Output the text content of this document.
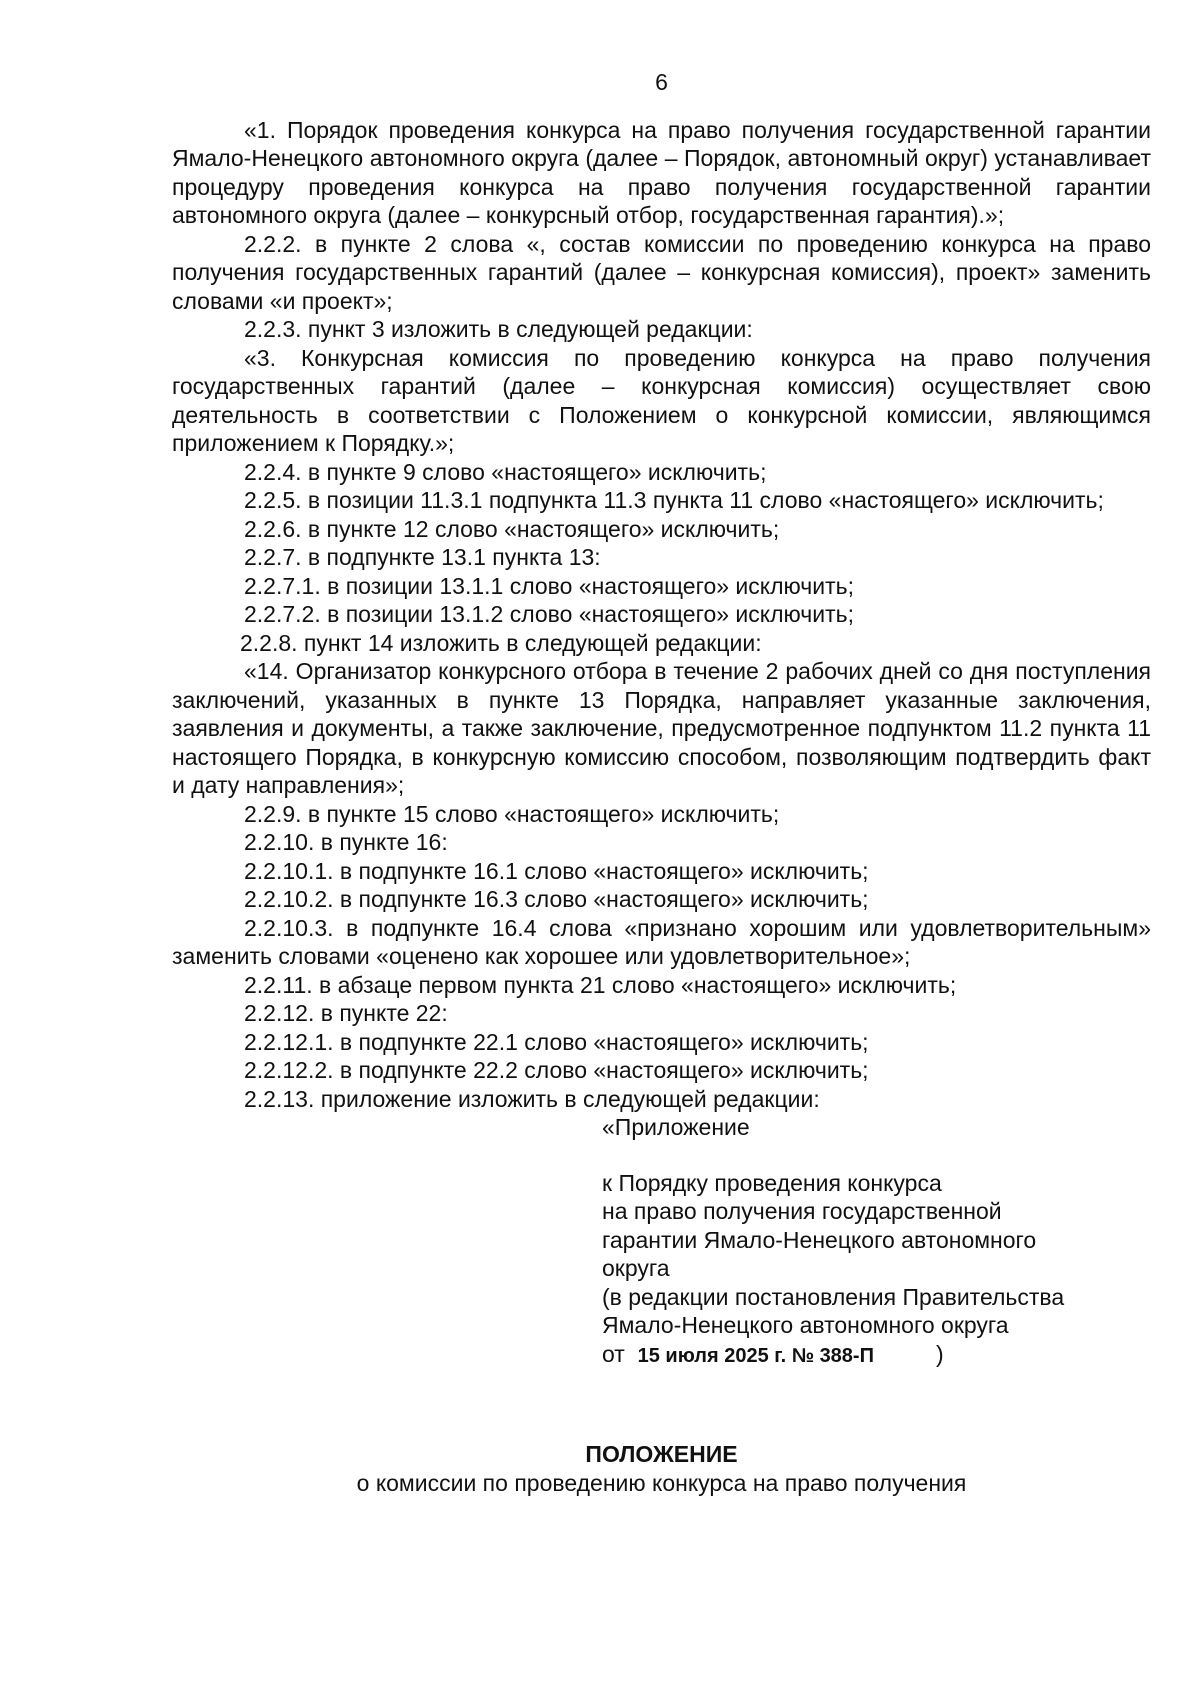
6

«1. Порядок проведения конкурса на право получения государственной гарантии Ямало-Ненецкого автономного округа (далее – Порядок, автономный округ) устанавливает процедуру проведения конкурса на право получения государственной гарантии автономного округа (далее – конкурсный отбор, государственная гарантия).»;

2.2.2. в пункте 2 слова «, состав комиссии по проведению конкурса на право получения государственных гарантий (далее – конкурсная комиссия), проект» заменить словами «и проект»;

2.2.3. пункт 3 изложить в следующей редакции:

«3. Конкурсная комиссия по проведению конкурса на право получения государственных гарантий (далее – конкурсная комиссия) осуществляет свою деятельность в соответствии с Положением о конкурсной комиссии, являющимся приложением к Порядку.»;

2.2.4. в пункте 9 слово «настоящего» исключить;

2.2.5. в позиции 11.3.1 подпункта 11.3 пункта 11 слово «настоящего» исключить;

2.2.6. в пункте 12 слово «настоящего» исключить;

2.2.7. в подпункте 13.1 пункта 13:

2.2.7.1. в позиции 13.1.1 слово «настоящего» исключить;

2.2.7.2. в позиции 13.1.2 слово «настоящего» исключить;

2.2.8. пункт 14 изложить в следующей редакции:

«14. Организатор конкурсного отбора в течение 2 рабочих дней со дня поступления заключений, указанных в пункте 13 Порядка, направляет указанные заключения, заявления и документы, а также заключение, предусмотренное подпунктом 11.2 пункта 11 настоящего Порядка, в конкурсную комиссию способом, позволяющим подтвердить факт и дату направления»;

2.2.9. в пункте 15 слово «настоящего» исключить;

2.2.10. в пункте 16:

2.2.10.1. в подпункте 16.1 слово «настоящего» исключить;

2.2.10.2. в подпункте 16.3 слово «настоящего» исключить;

2.2.10.3. в подпункте 16.4 слова «признано хорошим или удовлетворительным» заменить словами «оценено как хорошее или удовлетворительное»;

2.2.11. в абзаце первом пункта 21 слово «настоящего» исключить;

2.2.12. в пункте 22:

2.2.12.1. в подпункте 22.1 слово «настоящего» исключить;

2.2.12.2. в подпункте 22.2 слово «настоящего» исключить;

2.2.13. приложение изложить в следующей редакции:

«Приложение

к Порядку проведения конкурса

на право получения государственной

гарантии Ямало-Ненецкого автономного

округа

(в редакции постановления Правительства

Ямало-Ненецкого автономного округа

от 15 июля 2025 г. № 388-П	)

ПОЛОЖЕНИЕ

о комиссии по проведению конкурса на право получения
